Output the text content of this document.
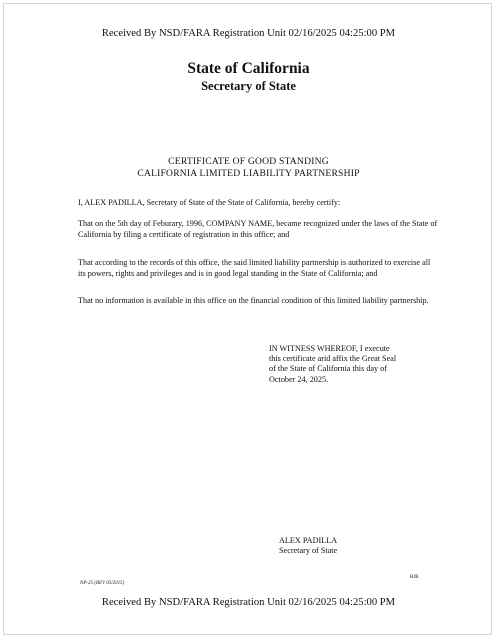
Received By NSD/FARA Registration Unit 02/16/2025 04:25:00 PM
State of California
Secretary of State
CERTIFICATE OF GOOD STANDING
CALIFORNIA LIMITED LIABILITY PARTNERSHIP
I, ALEX PADILLA, Secretary of State of the State of California, hereby certify:
That on the 5th day of Feburary, 1996, COMPANY NAME, became recognized under the laws of the State of California by filing a certificate of registration in this office; and
That according to the records of this office, the said limited liability partnership is authorized to exercise all its powers, rights and privileges and is in good legal standing in the State of California; and
That no information is available in this office on the financial condition of this limited liability partnership.
IN WITNESS WHEREOF, I execute
this certificate arid affix the Great Seal
of the State of California this day of
October 24, 2025.
ALEX PADILLA
Secretary of State
NP-25 (REV 03/2015)
RJB
Received By NSD/FARA Registration Unit 02/16/2025 04:25:00 PM
